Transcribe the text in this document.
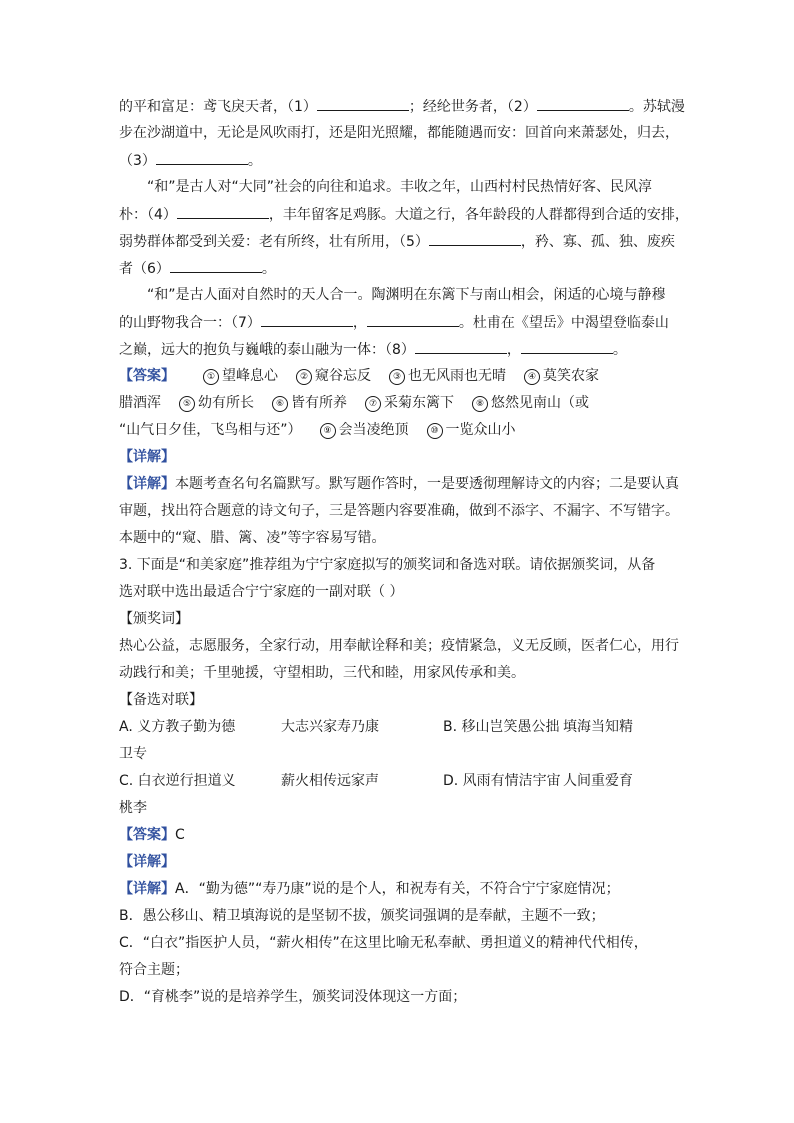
的平和富足：鸢飞戾天者，（1）	；经纶世务者，（2）	。苏轼漫
步在沙湖道中，无论是风吹雨打，还是阳光照耀，都能随遇而安：回首向来萧瑟处，归去，
（3）	。
“和”是古人对“大同”社会的向往和追求。丰收之年，山西村村民热情好客、民风淳
朴：（4）	，丰年留客足鸡豚。大道之行，各年龄段的人群都得到合适的安排，
弱势群体都受到关爱：老有所终，壮有所用，（5）	，矜、寡、孤、独、废疾
者（6）	。
“和”是古人面对自然时的天人合一。陶渊明在东篱下与南山相会，闲适的心境与静穆
的山野物我合一：（7）	，	。杜甫在《望岳》中渴望登临泰山
之巅，远大的抱负与巍峨的泰山融为一体：（8）	，	。
【答案】	① 望峰息心 ② 窥谷忘反 ③ 也无风雨也无晴 ④ 莫笑农家
腊酒浑 ⑤ 幼有所长 ⑥ 皆有所养 ⑦ 采菊东篱下 ⑧ 悠然见南山（或
“山气日夕佳，飞鸟相与还”） ⑨ 会当凌绝顶 ⑩ 一览众山小
【详解】
【详解】本题考查名句名篇默写。默写题作答时，一是要透彻理解诗文的内容；二是要认真
审题，找出符合题意的诗文句子，三是答题内容要准确，做到不添字、不漏字、不写错字。
本题中的“窥、腊、篱、凌”等字容易写错。
3. 下面是“和美家庭”推荐组为宁宁家庭拟写的颁奖词和备选对联。请依据颁奖词，从备
选对联中选出最适合宁宁家庭的一副对联（ ）
【颁奖词】
热心公益，志愿服务，全家行动，用奉献诠释和美；疫情紧急，义无反顾，医者仁心，用行
动践行和美；千里驰援，守望相助，三代和睦，用家风传承和美。
【备选对联】
A. 义方教子勤为德	大志兴家寿乃康	B. 移山岂笑愚公拙 填海当知精
卫专
C. 白衣逆行担道义	薪火相传远家声	D. 风雨有情洁宇宙 人间重爱育
桃李
【答案】C
【详解】
【详解】A．“勤为德”“寿乃康”说的是个人，和祝寿有关，不符合宁宁家庭情况；
B．愚公移山、精卫填海说的是坚韧不拔，颁奖词强调的是奉献，主题不一致；
C．“白衣”指医护人员，“薪火相传”在这里比喻无私奉献、勇担道义的精神代代相传，
符合主题；
D．“育桃李”说的是培养学生，颁奖词没体现这一方面；
